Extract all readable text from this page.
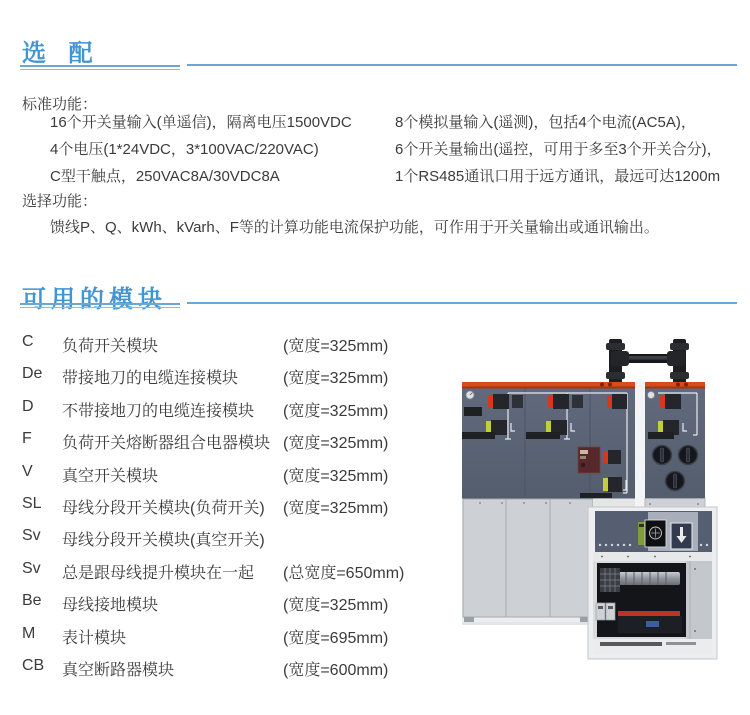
选 配
标准功能：
16个开关量输入(单遥信)，隔离电压1500VDC
4个电压(1*24VDC，3*100VAC/220VAC)
C型干触点，250VAC8A/30VDC8A
8个模拟量输入(遥测)，包括4个电流(AC5A)，
6个开关量输出(遥控，可用于多至3个开关合分)，
1个RS485通讯口用于远方通讯，最远可达1200m
选择功能：
馈线P、Q、kWh、kVarh、F等的计算功能电流保护功能，可作用于开关量输出或通讯输出。
可用的模块
C 负荷开关模块	(宽度=325mm)
De 带接地刀的电缆连接模块	(宽度=325mm)
D 不带接地刀的电缆连接模块 (宽度=325mm)
F 负荷开关熔断器组合电器模块 (宽度=325mm)
V 真空开关模块	(宽度=325mm)
SL 母线分段开关模块(负荷开关) (宽度=325mm)
Sv 母线分段开关模块(真空开关)
Sv 总是跟母线提升模块在一起 (总宽度=650mm)
Be 母线接地模块	(宽度=325mm)
M 表计模块	(宽度=695mm)
CB 真空断路器模块	(宽度=600mm)
